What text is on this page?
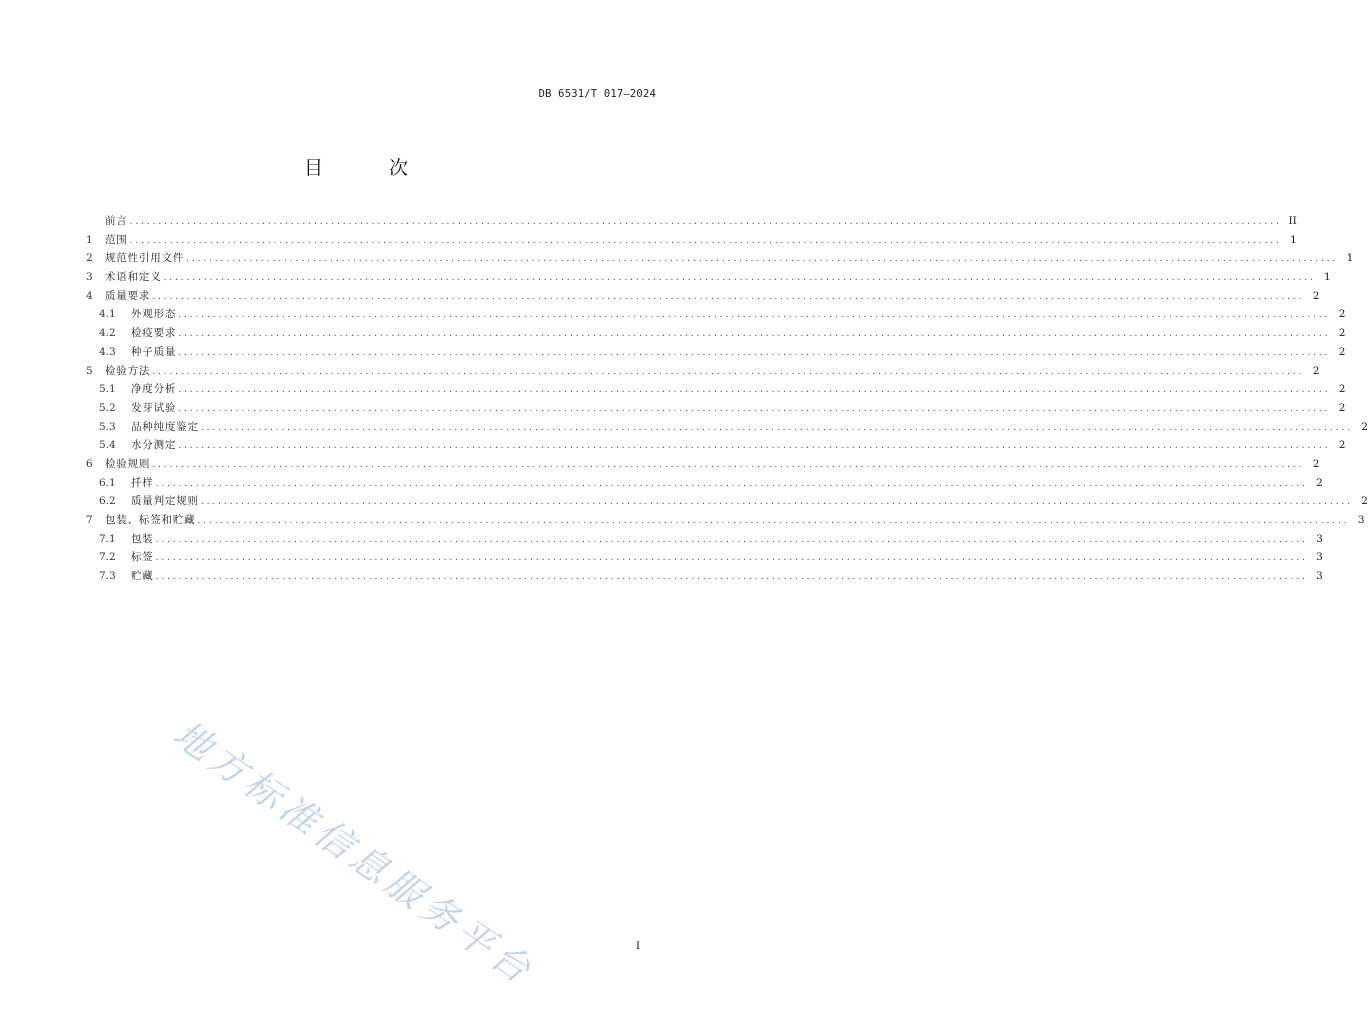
DB 6531/T 017—2024
目 次
前言 ........................................................................................................................................................................................................ II
1	范围 ........................................................................................................................................................................................................ 1
2	规范性引用文件 ........................................................................................................................................................................................................ 1
3	术语和定义 ........................................................................................................................................................................................................ 1
4	质量要求 ........................................................................................................................................................................................................ 2
4.1	外观形态 ........................................................................................................................................................................................................ 2
4.2	检疫要求 ........................................................................................................................................................................................................ 2
4.3	种子质量 ........................................................................................................................................................................................................ 2
5	检验方法 ........................................................................................................................................................................................................ 2
5.1	净度分析 ........................................................................................................................................................................................................ 2
5.2	发芽试验 ........................................................................................................................................................................................................ 2
5.3	品种纯度鉴定 ........................................................................................................................................................................................................ 2
5.4	水分测定 ........................................................................................................................................................................................................ 2
6	检验规则 ........................................................................................................................................................................................................ 2
6.1	扦样 ........................................................................................................................................................................................................ 2
6.2	质量判定规则 ........................................................................................................................................................................................................ 2
7	包装、标签和贮藏 ........................................................................................................................................................................................................ 3
7.1	包装 ........................................................................................................................................................................................................ 3
7.2	标签 ........................................................................................................................................................................................................ 3
7.3	贮藏 ........................................................................................................................................................................................................ 3
地方标准信息服务平台	I
